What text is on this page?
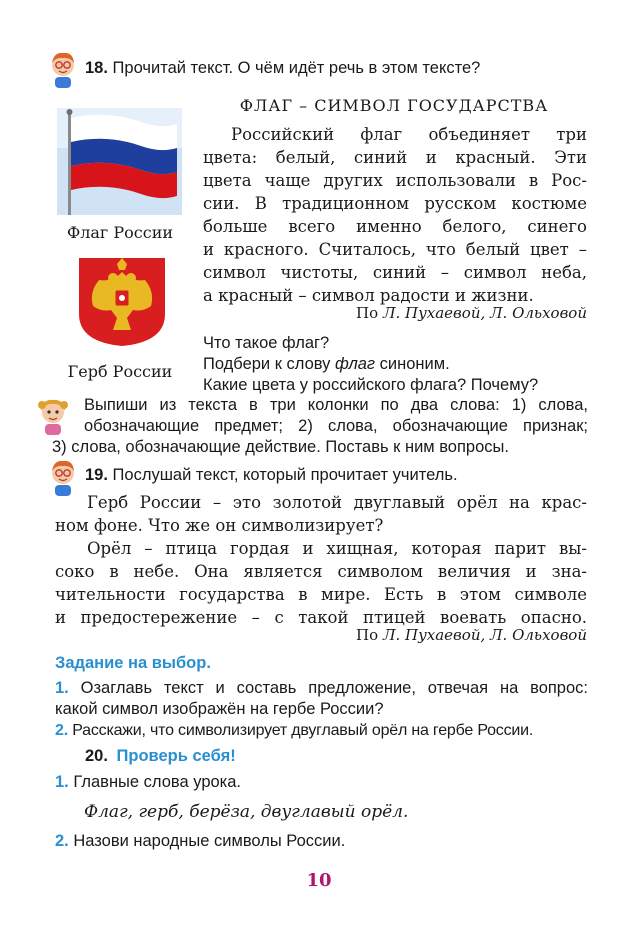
18. Прочитай текст. О чём идёт речь в этом тексте?
Флаг России
Герб России
ФЛАГ – СИМВОЛ ГОСУДАРСТВА
Российский флаг объединяет три
цвета: белый, синий и красный. Эти
цвета чаще других использовали в Рос-
сии. В традиционном русском костюме
больше всего именно белого, синего
и красного. Считалось, что белый цвет –
символ чистоты, синий – символ неба,
а красный – символ радости и жизни.
По Л. Пухаевой, Л. Ольховой
Что такое флаг?
Подбери к слову флаг синоним.
Какие цвета у российского флага? Почему?
Выпиши из текста в три колонки по два слова: 1) слова,
обозначающие предмет; 2) слова, обозначающие признак;
3) слова, обозначающие действие. Поставь к ним вопросы.
19. Послушай текст, который прочитает учитель.
Герб России – это золотой двуглавый орёл на крас-
ном фоне. Что же он символизирует?
Орёл – птица гордая и хищная, которая парит вы-
соко в небе. Она является символом величия и зна-
чительности государства в мире. Есть в этом символе
и предостережение – с такой птицей воевать опасно.
По Л. Пухаевой, Л. Ольховой
Задание на выбор.
1. Озаглавь текст и составь предложение, отвечая на вопрос:
какой символ изображён на гербе России?
2. Расскажи, что символизирует двуглавый орёл на гербе России.
20. Проверь себя!
1. Главные слова урока.
Флаг, герб, берёза, двуглавый орёл.
2. Назови народные символы России.
10
